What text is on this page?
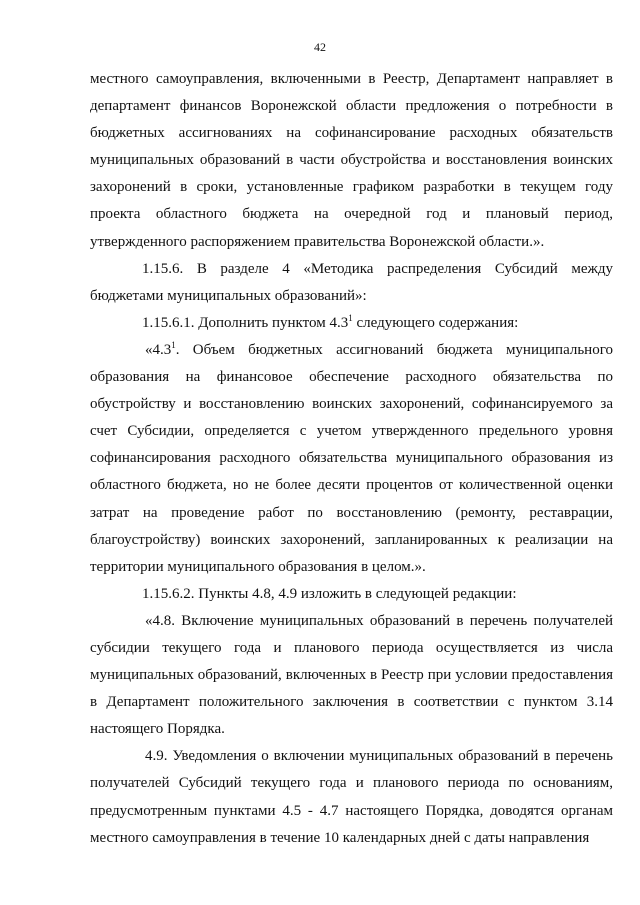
42

местного самоуправления, включенными в Реестр, Департамент направляет в департамент финансов Воронежской области предложения о потребности в бюджетных ассигнованиях на софинансирование расходных обязательств муниципальных образований в части обустройства и восстановления воинских захоронений в сроки, установленные графиком разработки в текущем году проекта областного бюджета на очередной год и плановый период, утвержденного распоряжением правительства Воронежской области.».

1.15.6. В разделе 4 «Методика распределения Субсидий между бюджетами муниципальных образований»:

1.15.6.1. Дополнить пунктом $4.3^1$ следующего содержания:

«$4.3^1$. Объем бюджетных ассигнований бюджета муниципального образования на финансовое обеспечение расходного обязательства по обустройству и восстановлению воинских захоронений, софинансируемого за счет Субсидии, определяется с учетом утвержденного предельного уровня софинансирования расходного обязательства муниципального образования из областного бюджета, но не более десяти процентов от количественной оценки затрат на проведение работ по восстановлению (ремонту, реставрации, благоустройству) воинских захоронений, запланированных к реализации на территории муниципального образования в целом.».

1.15.6.2. Пункты 4.8, 4.9 изложить в следующей редакции:

«4.8. Включение муниципальных образований в перечень получателей субсидии текущего года и планового периода осуществляется из числа муниципальных образований, включенных в Реестр при условии предоставления в Департамент положительного заключения в соответствии с пунктом 3.14 настоящего Порядка.

4.9. Уведомления о включении муниципальных образований в перечень получателей Субсидий текущего года и планового периода по основаниям, предусмотренным пунктами 4.5 - 4.7 настоящего Порядка, доводятся органам местного самоуправления в течение 10 календарных дней с даты направления
